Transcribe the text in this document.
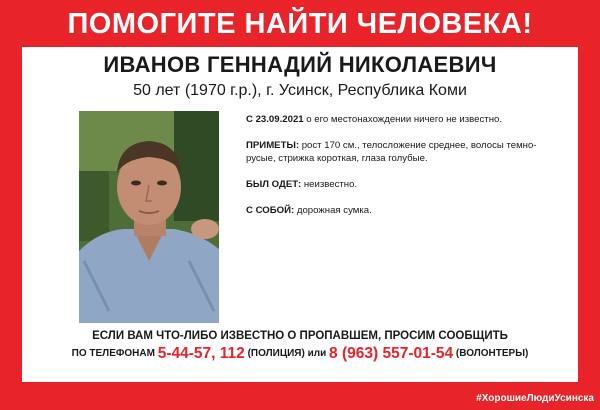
ПОМОГИТЕ НАЙТИ ЧЕЛОВЕКА!
ИВАНОВ ГЕННАДИЙ НИКОЛАЕВИЧ
50 лет (1970 г.р.), г. Усинск, Республика Коми

С 23.09.2021 о его местонахождении ничего не известно.

ПРИМЕТЫ: рост 170 см., телосложение среднее, волосы темно-русые, стрижка короткая, глаза голубые.

БЫЛ ОДЕТ: неизвестно.

С СОБОЙ: дорожная сумка.

ЕСЛИ ВАМ ЧТО-ЛИБО ИЗВЕСТНО О ПРОПАВШЕМ, ПРОСИМ СООБЩИТЬ
ПО ТЕЛЕФОНАМ 5-44-57, 112 (ПОЛИЦИЯ) или 8 (963) 557-01-54 (ВОЛОНТЕРЫ)
#ХорошиеЛюдиУсинска
